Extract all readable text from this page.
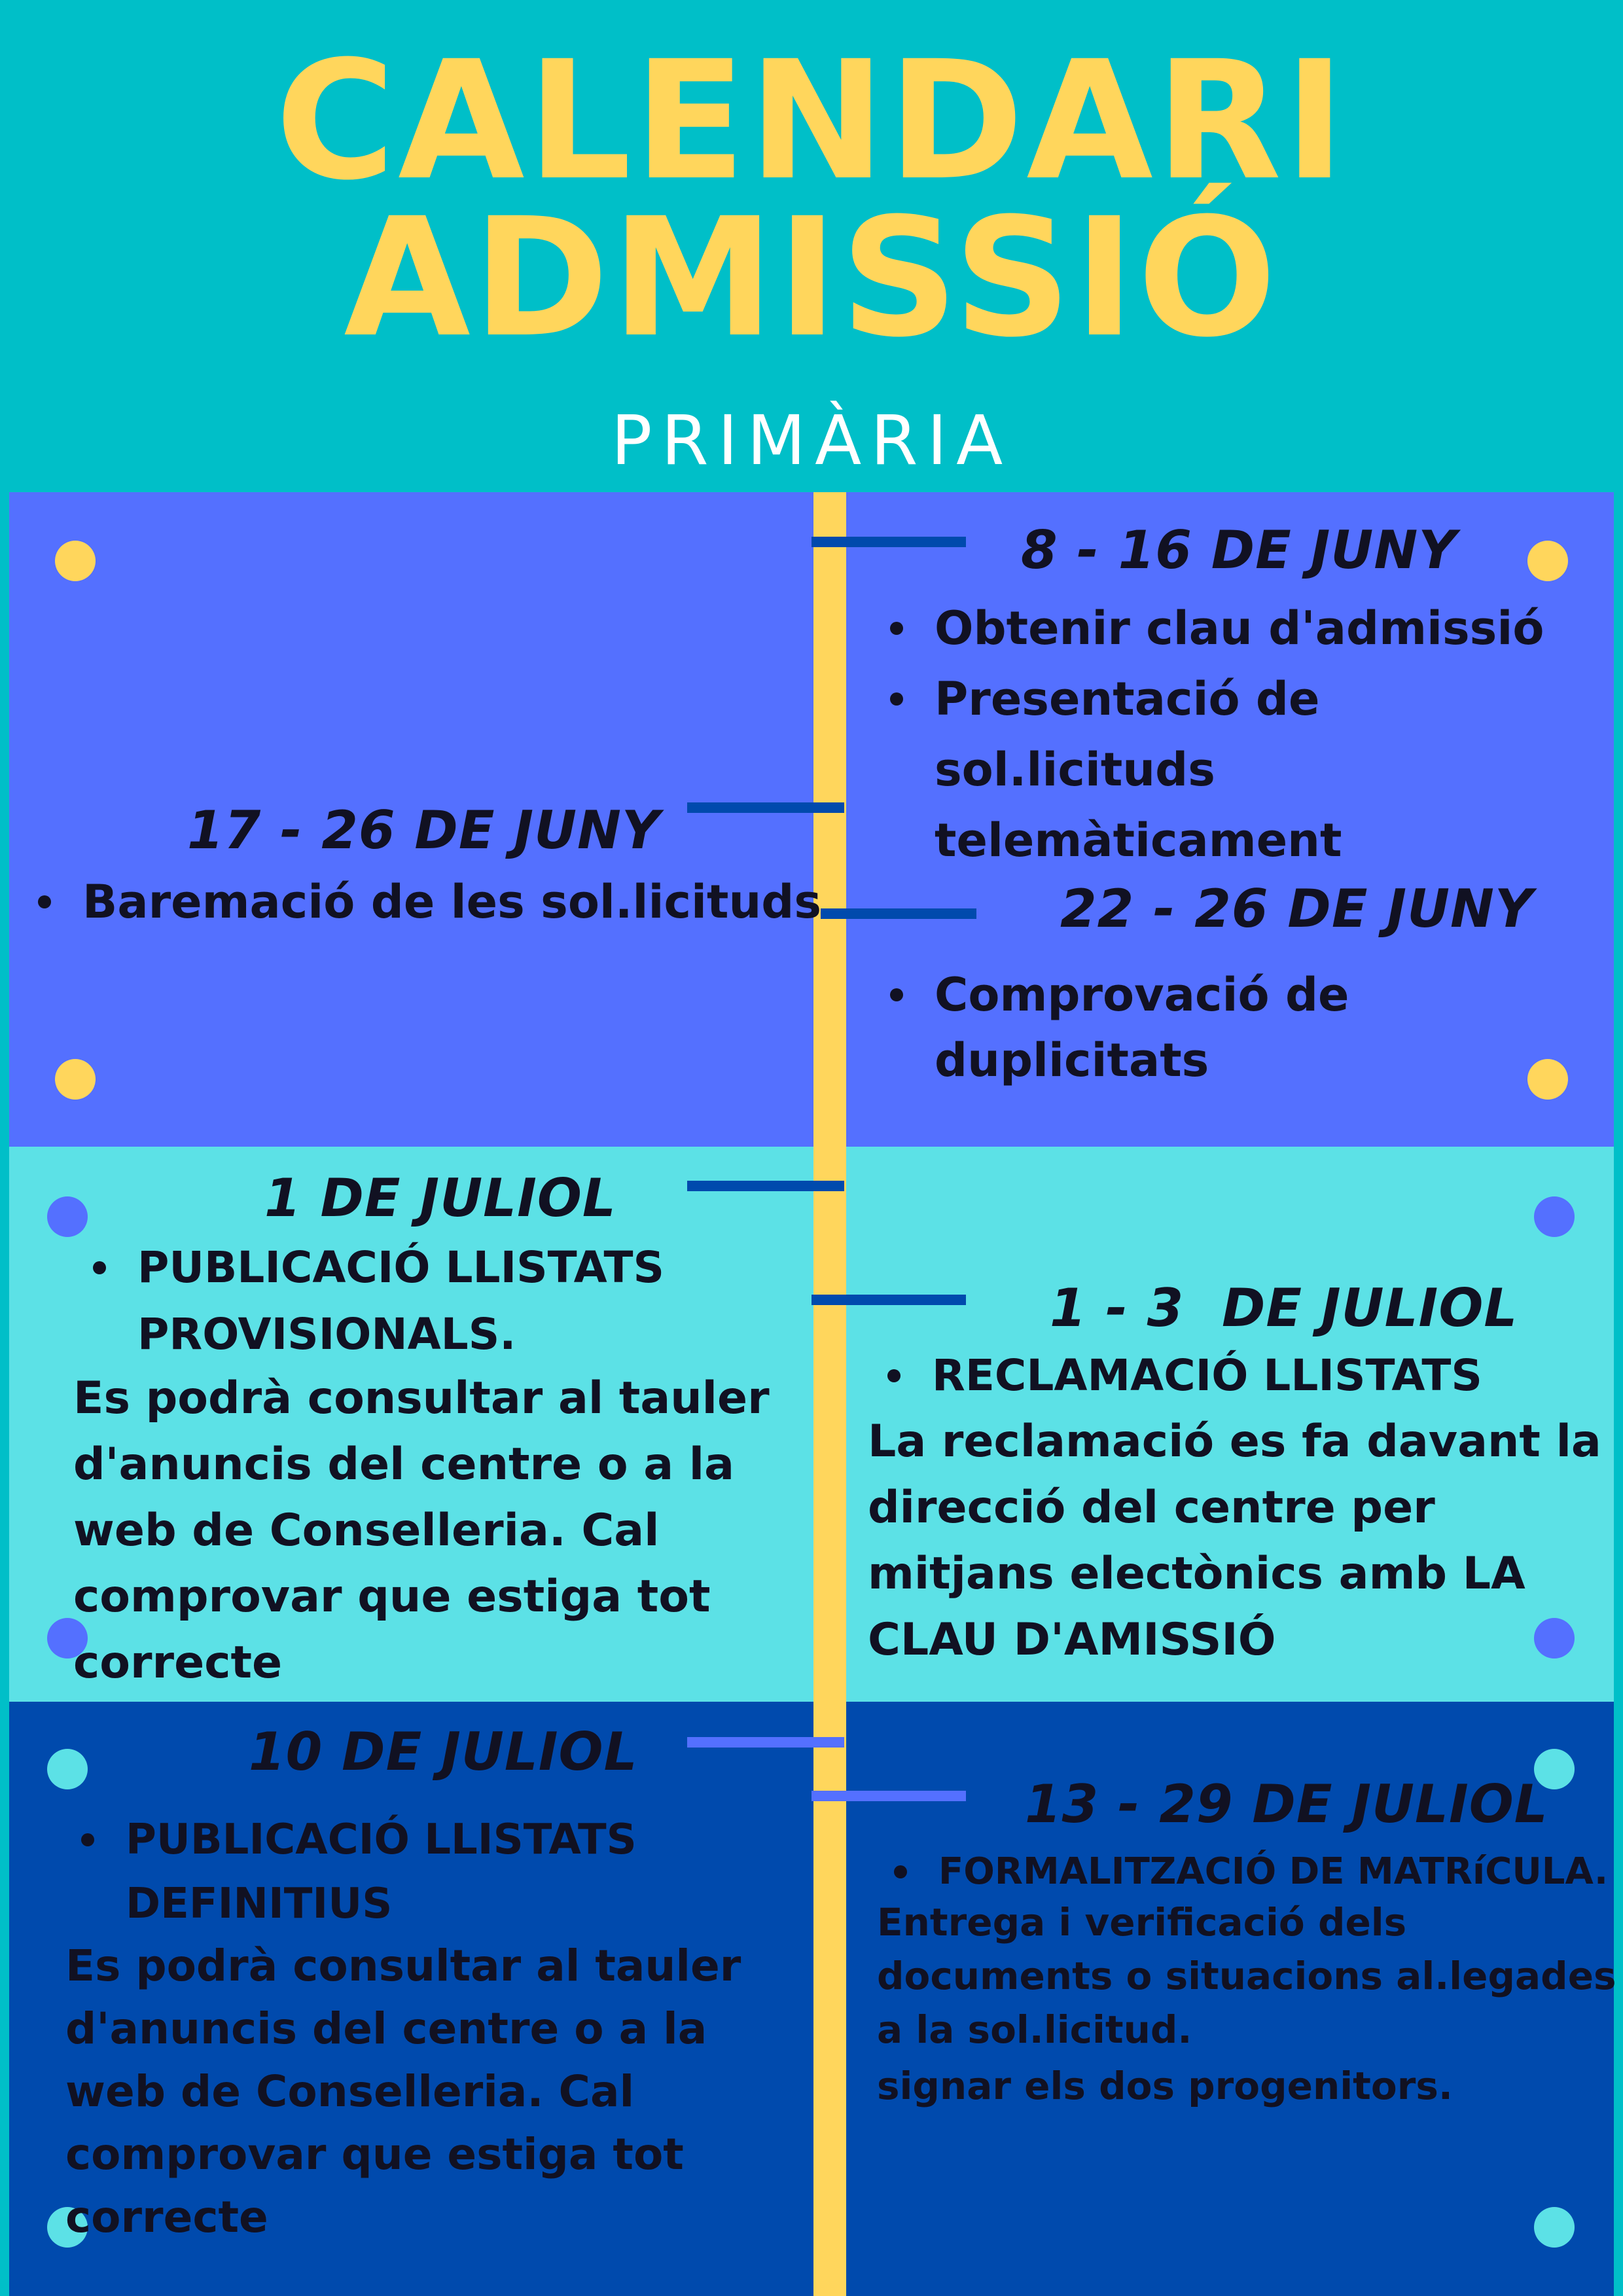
CALENDARI
ADMISSIÓ
PRIMÀRIA
8 - 16 DE JUNY
Obtenir clau d'admissió
Presentació de sol.licituds telemàticament
17 - 26 DE JUNY
Baremació de les sol.licituds	22 - 26 DE JUNY
Comprovació de duplicitats
1 DE JULIOL
PUBLICACIÓ LLISTATS PROVISIONALS.
Es podrà consultar al tauler d'anuncis del centre o a la web de Conselleria. Cal comprovar que estiga tot correcte
1 - 3  DE JULIOL
RECLAMACIÓ LLISTATS
La reclamació es fa davant la direcció del centre per mitjans electònics amb LA CLAU D'AMISSIÓ
10 DE JULIOL
PUBLICACIÓ LLISTATS DEFINITIUS
Es podrà consultar al tauler d'anuncis del centre o a la web de Conselleria. Cal comprovar que estiga tot correcte
13 - 29 DE JULIOL
FORMALITZACIÓ DE MATRíCULA.
Entrega i verificació dels documents o situacions al.legades a la sol.licitud.
signar els dos progenitors.
